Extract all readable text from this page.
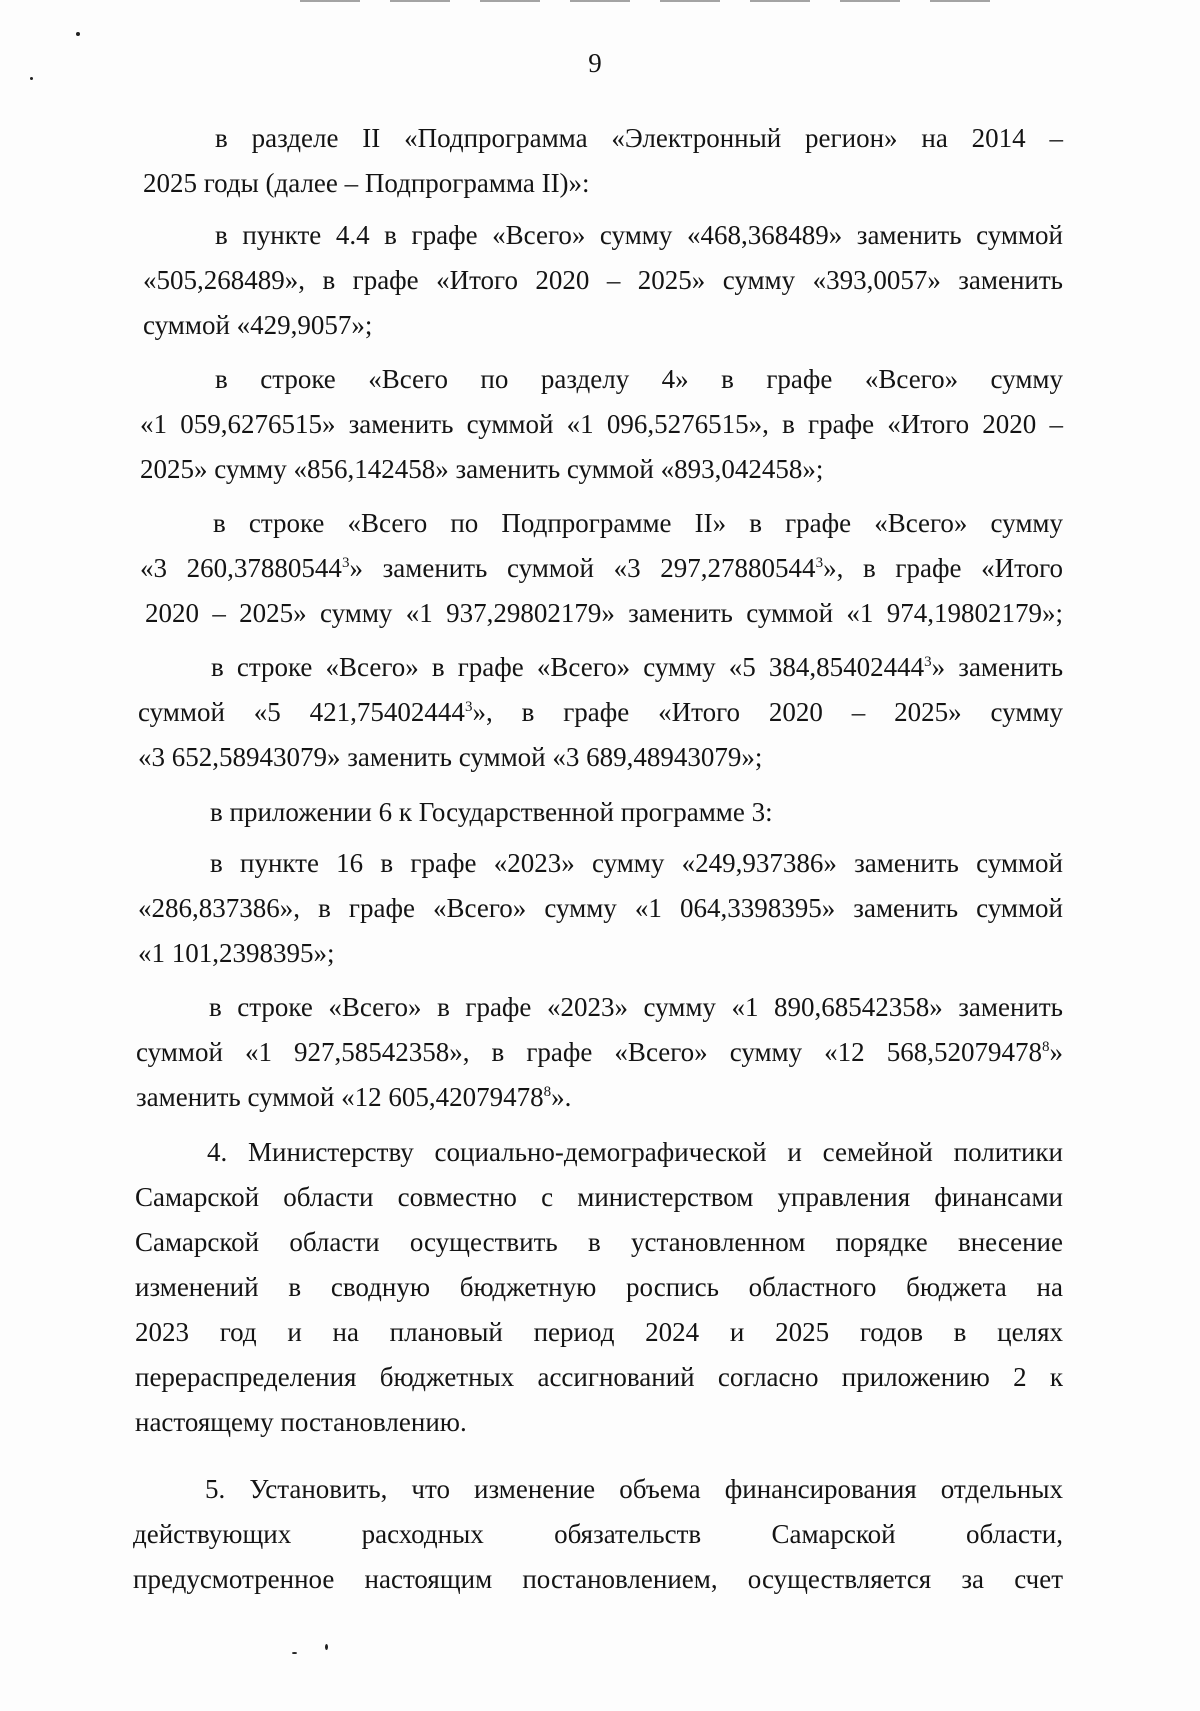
9
в разделе II «Подпрограмма «Электронный регион» на 2014 –
2025 годы (далее – Подпрограмма II)»:
в пункте 4.4 в графе «Всего» сумму «468,368489» заменить суммой
«505,268489», в графе «Итого 2020 – 2025» сумму «393,0057» заменить
суммой «429,9057»;
в строке «Всего по разделу 4» в графе «Всего» сумму
«1 059,6276515» заменить суммой «1 096,5276515», в графе «Итого 2020 –
2025» сумму «856,142458» заменить суммой «893,042458»;
в строке «Всего по Подпрограмме II» в графе «Всего» сумму
«3 260,37880544$^3$» заменить суммой «3 297,27880544$^3$», в графе «Итого
2020 – 2025» сумму «1 937,29802179» заменить суммой «1 974,19802179»;
в строке «Всего» в графе «Всего» сумму «5 384,85402444$^3$» заменить
суммой «5 421,75402444$^3$», в графе «Итого 2020 – 2025» сумму
«3 652,58943079» заменить суммой «3 689,48943079»;
в приложении 6 к Государственной программе 3:
в пункте 16 в графе «2023» сумму «249,937386» заменить суммой
«286,837386», в графе «Всего» сумму «1 064,3398395» заменить суммой
«1 101,2398395»;
в строке «Всего» в графе «2023» сумму «1 890,68542358» заменить
суммой «1 927,58542358», в графе «Всего» сумму «12 568,52079478$^8$»
заменить суммой «12 605,42079478$^8$».
4. Министерству социально-демографической и семейной политики
Самарской области совместно с министерством управления финансами
Самарской области осуществить в установленном порядке внесение
изменений в сводную бюджетную роспись областного бюджета на
2023 год и на плановый период 2024 и 2025 годов в целях
перераспределения бюджетных ассигнований согласно приложению 2 к
настоящему постановлению.
5. Установить, что изменение объема финансирования отдельных
действующих расходных обязательств Самарской области,
предусмотренное настоящим постановлением, осуществляется за счет
